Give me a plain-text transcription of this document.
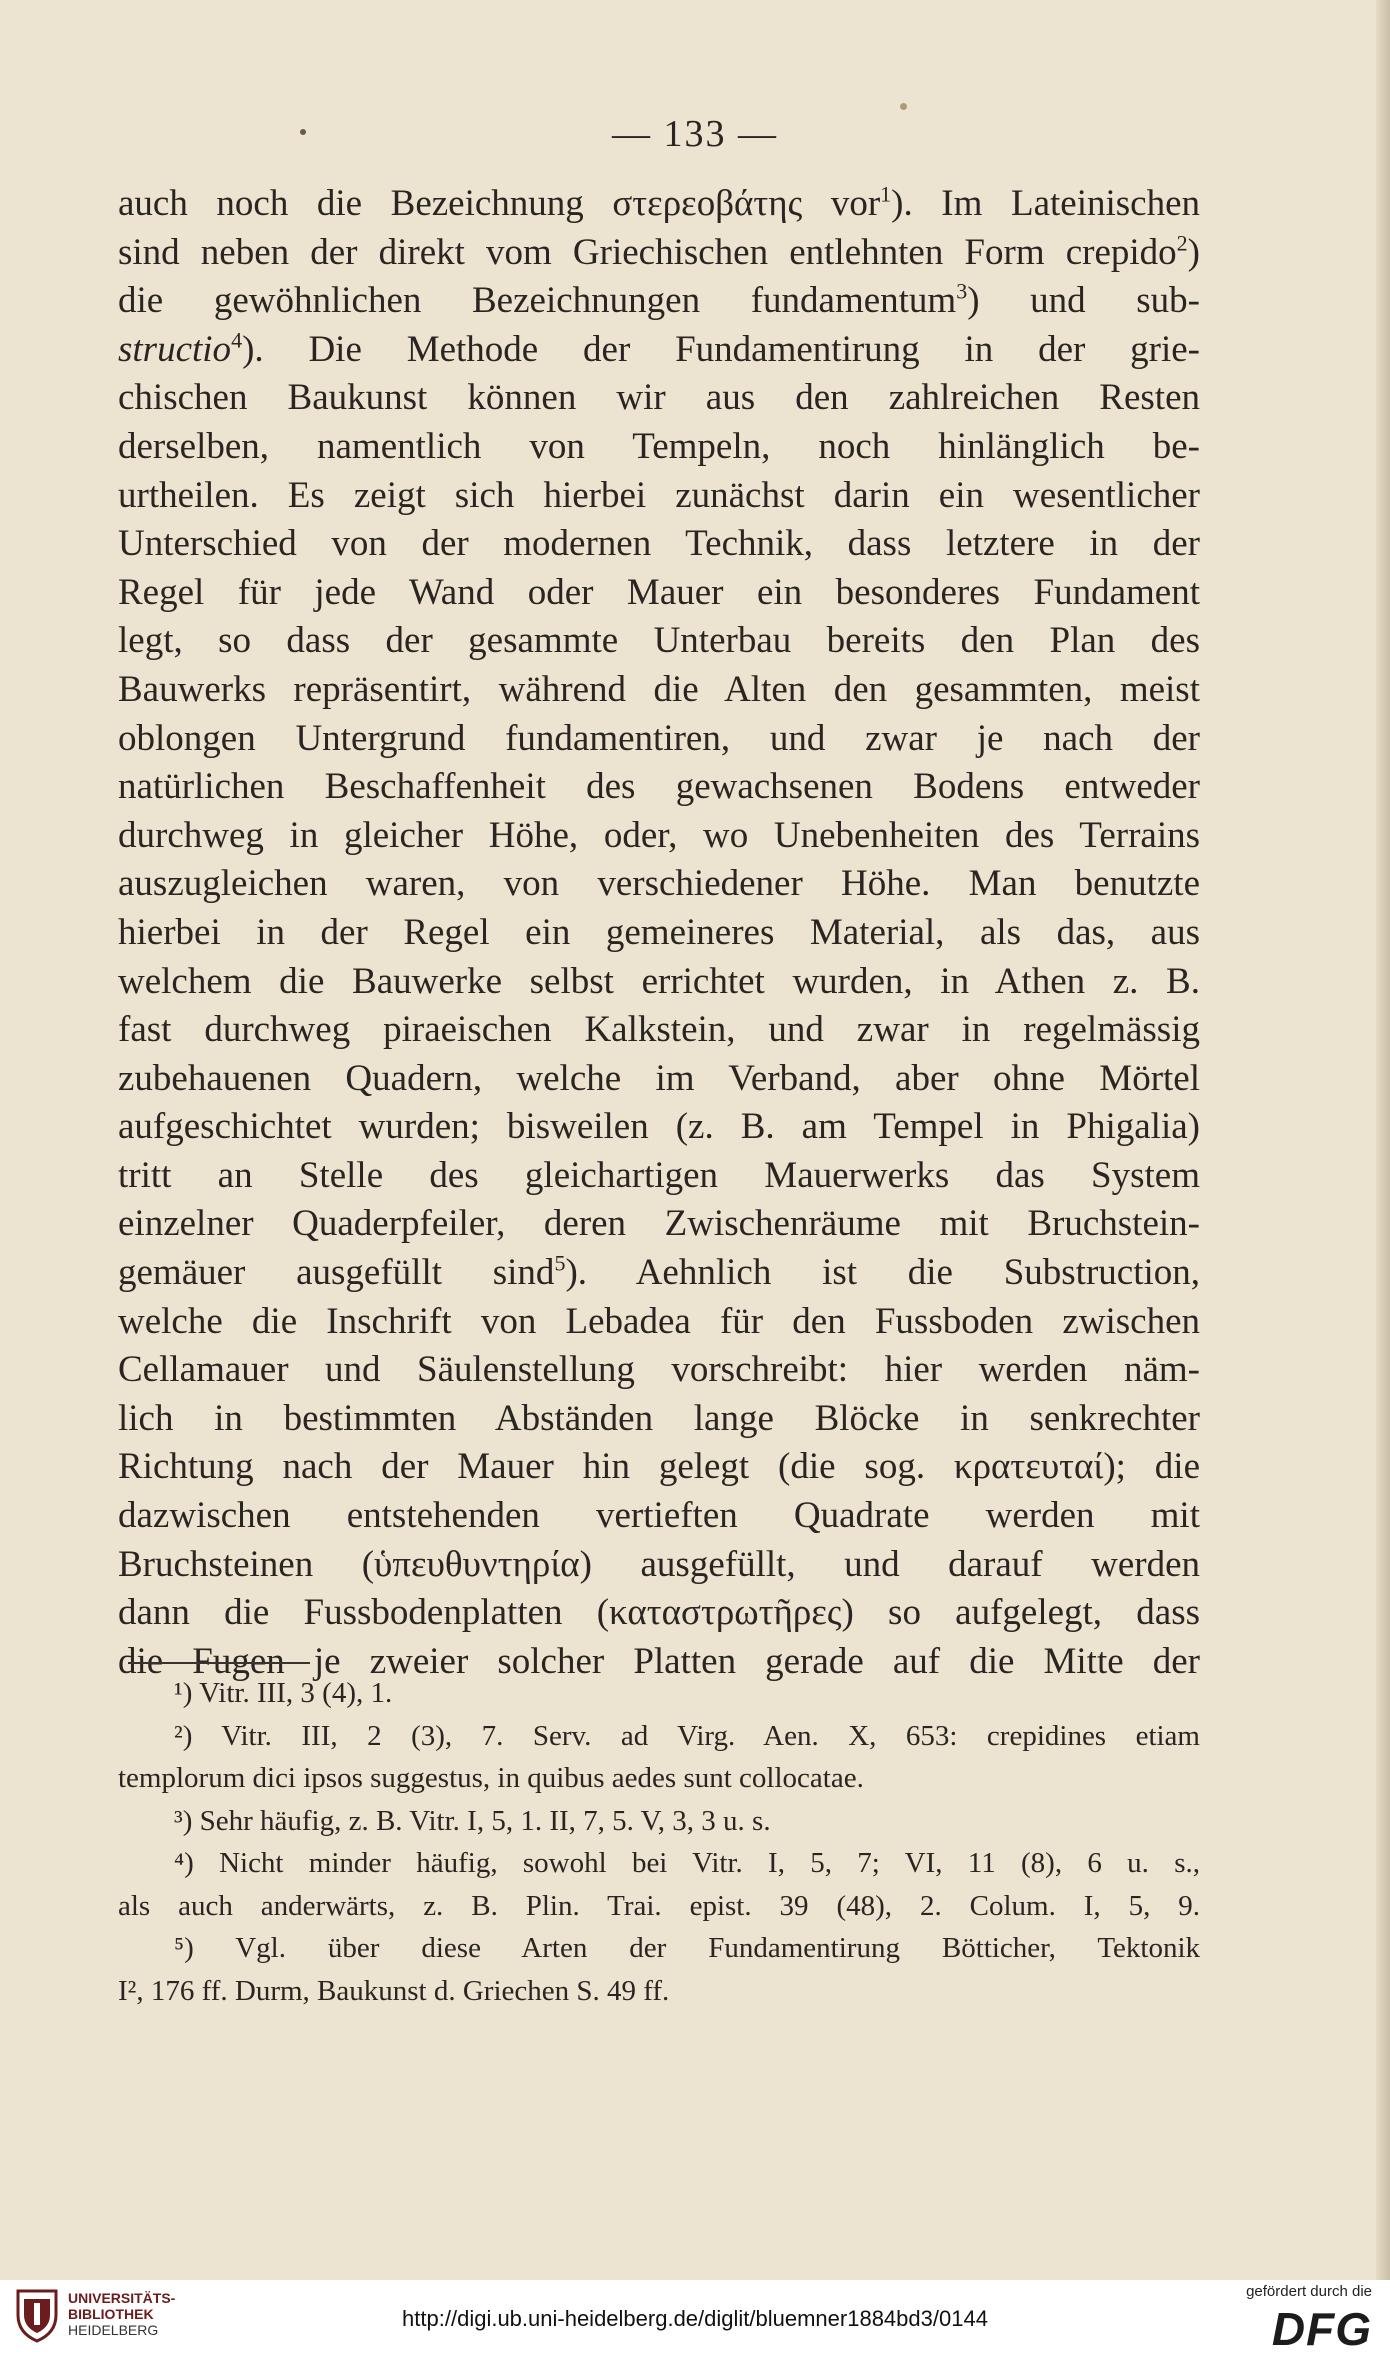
— 133 —
auch noch die Bezeichnung στερεοβάτης vor$^1$). Im Lateinischen
sind neben der direkt vom Griechischen entlehnten Form crepido$^2$)
die gewöhnlichen Bezeichnungen fundamentum$^3$) und sub-
structio$^4$). Die Methode der Fundamentirung in der grie-
chischen Baukunst können wir aus den zahlreichen Resten
derselben, namentlich von Tempeln, noch hinlänglich be-
urtheilen. Es zeigt sich hierbei zunächst darin ein wesentlicher
Unterschied von der modernen Technik, dass letztere in der
Regel für jede Wand oder Mauer ein besonderes Fundament
legt, so dass der gesammte Unterbau bereits den Plan des
Bauwerks repräsentirt, während die Alten den gesammten, meist
oblongen Untergrund fundamentiren, und zwar je nach der
natürlichen Beschaffenheit des gewachsenen Bodens entweder
durchweg in gleicher Höhe, oder, wo Unebenheiten des Terrains
auszugleichen waren, von verschiedener Höhe. Man benutzte
hierbei in der Regel ein gemeineres Material, als das, aus
welchem die Bauwerke selbst errichtet wurden, in Athen z. B.
fast durchweg piraeischen Kalkstein, und zwar in regelmässig
zubehauenen Quadern, welche im Verband, aber ohne Mörtel
aufgeschichtet wurden; bisweilen (z. B. am Tempel in Phigalia)
tritt an Stelle des gleichartigen Mauerwerks das System
einzelner Quaderpfeiler, deren Zwischenräume mit Bruchstein-
gemäuer ausgefüllt sind$^5$). Aehnlich ist die Substruction,
welche die Inschrift von Lebadea für den Fussboden zwischen
Cellamauer und Säulenstellung vorschreibt: hier werden näm-
lich in bestimmten Abständen lange Blöcke in senkrechter
Richtung nach der Mauer hin gelegt (die sog. κρατευταί); die
dazwischen entstehenden vertieften Quadrate werden mit
Bruchsteinen (ὑπευθυντηρία) ausgefüllt, und darauf werden
dann die Fussbodenplatten (καταστρωτῆρες) so aufgelegt, dass
die Fugen je zweier solcher Platten gerade auf die Mitte der
¹) Vitr. III, 3 (4), 1.
²) Vitr. III, 2 (3), 7. Serv. ad Virg. Aen. X, 653: crepidines etiam
templorum dici ipsos suggestus, in quibus aedes sunt collocatae.
³) Sehr häufig, z. B. Vitr. I, 5, 1. II, 7, 5. V, 3, 3 u. s.
⁴) Nicht minder häufig, sowohl bei Vitr. I, 5, 7; VI, 11 (8), 6 u. s.,
als auch anderwärts, z. B. Plin. Trai. epist. 39 (48), 2. Colum. I, 5, 9.
⁵) Vgl. über diese Arten der Fundamentirung Bötticher, Tektonik
I², 176 ff. Durm, Baukunst d. Griechen S. 49 ff.
UNIVERSITÄTS-
BIBLIOTHEK
HEIDELBERG	http://digi.ub.uni-heidelberg.de/diglit/bluemner1884bd3/0144
gefördert durch die
DFG
